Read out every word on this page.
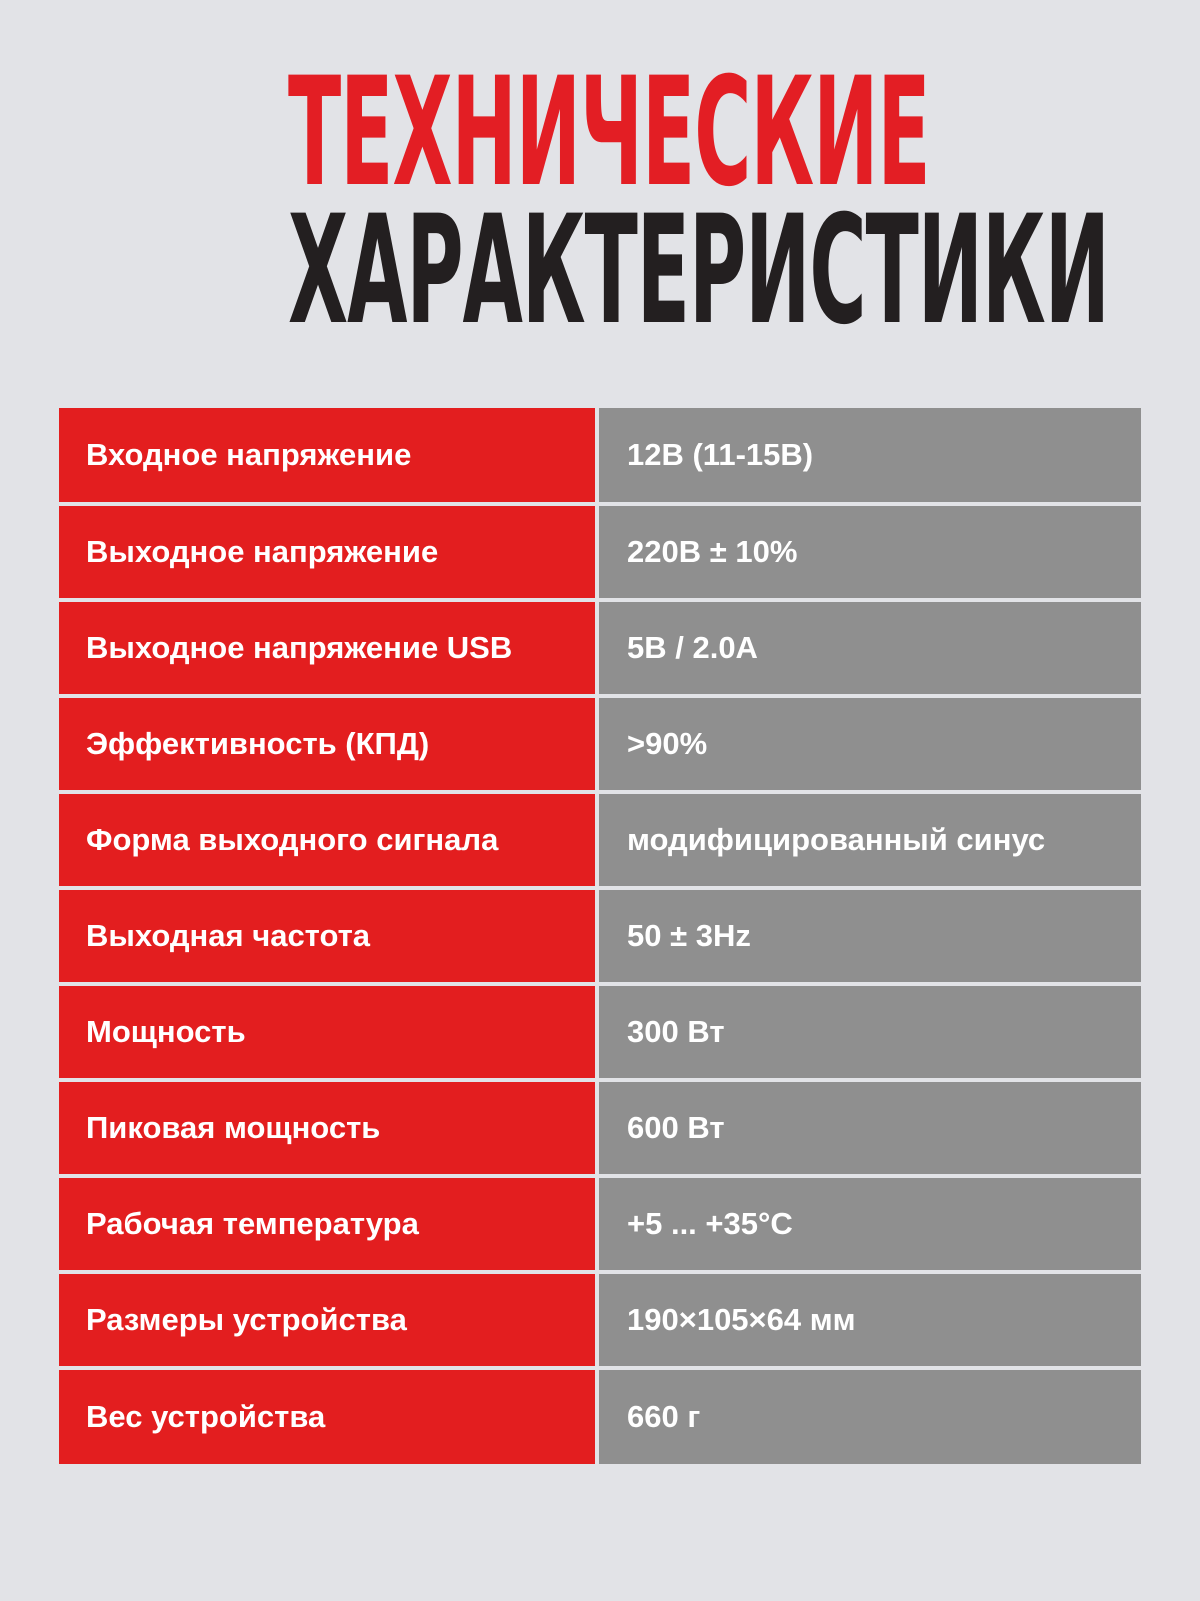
ТЕХНИЧЕСКИЕ
ХАРАКТЕРИСТИКИ
Входное напряжение	12В (11-15В)
Выходное напряжение	220В ± 10%
Выходное напряжение USB	5В / 2.0А
Эффективность (КПД)	>90%
Форма выходного сигнала	модифицированный синус
Выходная частота	50 ± 3Hz
Мощность	300 Вт
Пиковая мощность	600 Вт
Рабочая температура	+5 ... +35°С
Размеры устройства	190×105×64 мм
Вес устройства	660 г
